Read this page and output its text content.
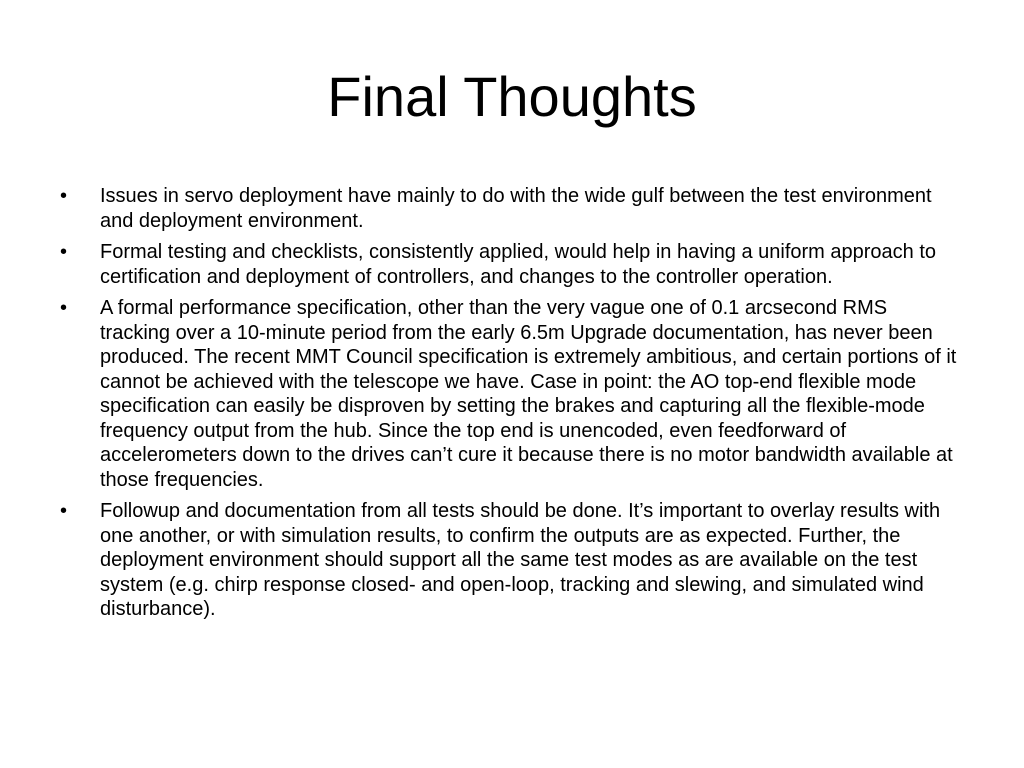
Final Thoughts
•	Issues in servo deployment have mainly to do with the wide gulf between the test environment and deployment environment.
•	Formal testing and checklists, consistently applied, would help in having a uniform approach to certification and deployment of controllers, and changes to the controller operation.
•	A formal performance specification, other than the very vague one of 0.1 arcsecond RMS tracking over a 10-minute period from the early 6.5m Upgrade documentation, has never been produced. The recent MMT Council specification is extremely ambitious, and certain portions of it cannot be achieved with the telescope we have. Case in point: the AO top-end flexible mode specification can easily be disproven by setting the brakes and capturing all the flexible-mode frequency output from the hub. Since the top end is unencoded, even feedforward of accelerometers down to the drives can’t cure it because there is no motor bandwidth available at those frequencies.
•	Followup and documentation from all tests should be done. It’s important to overlay results with one another, or with simulation results, to confirm the outputs are as expected. Further, the deployment environment should support all the same test modes as are available on the test system (e.g. chirp response closed- and open-loop, tracking and slewing, and simulated wind disturbance).
